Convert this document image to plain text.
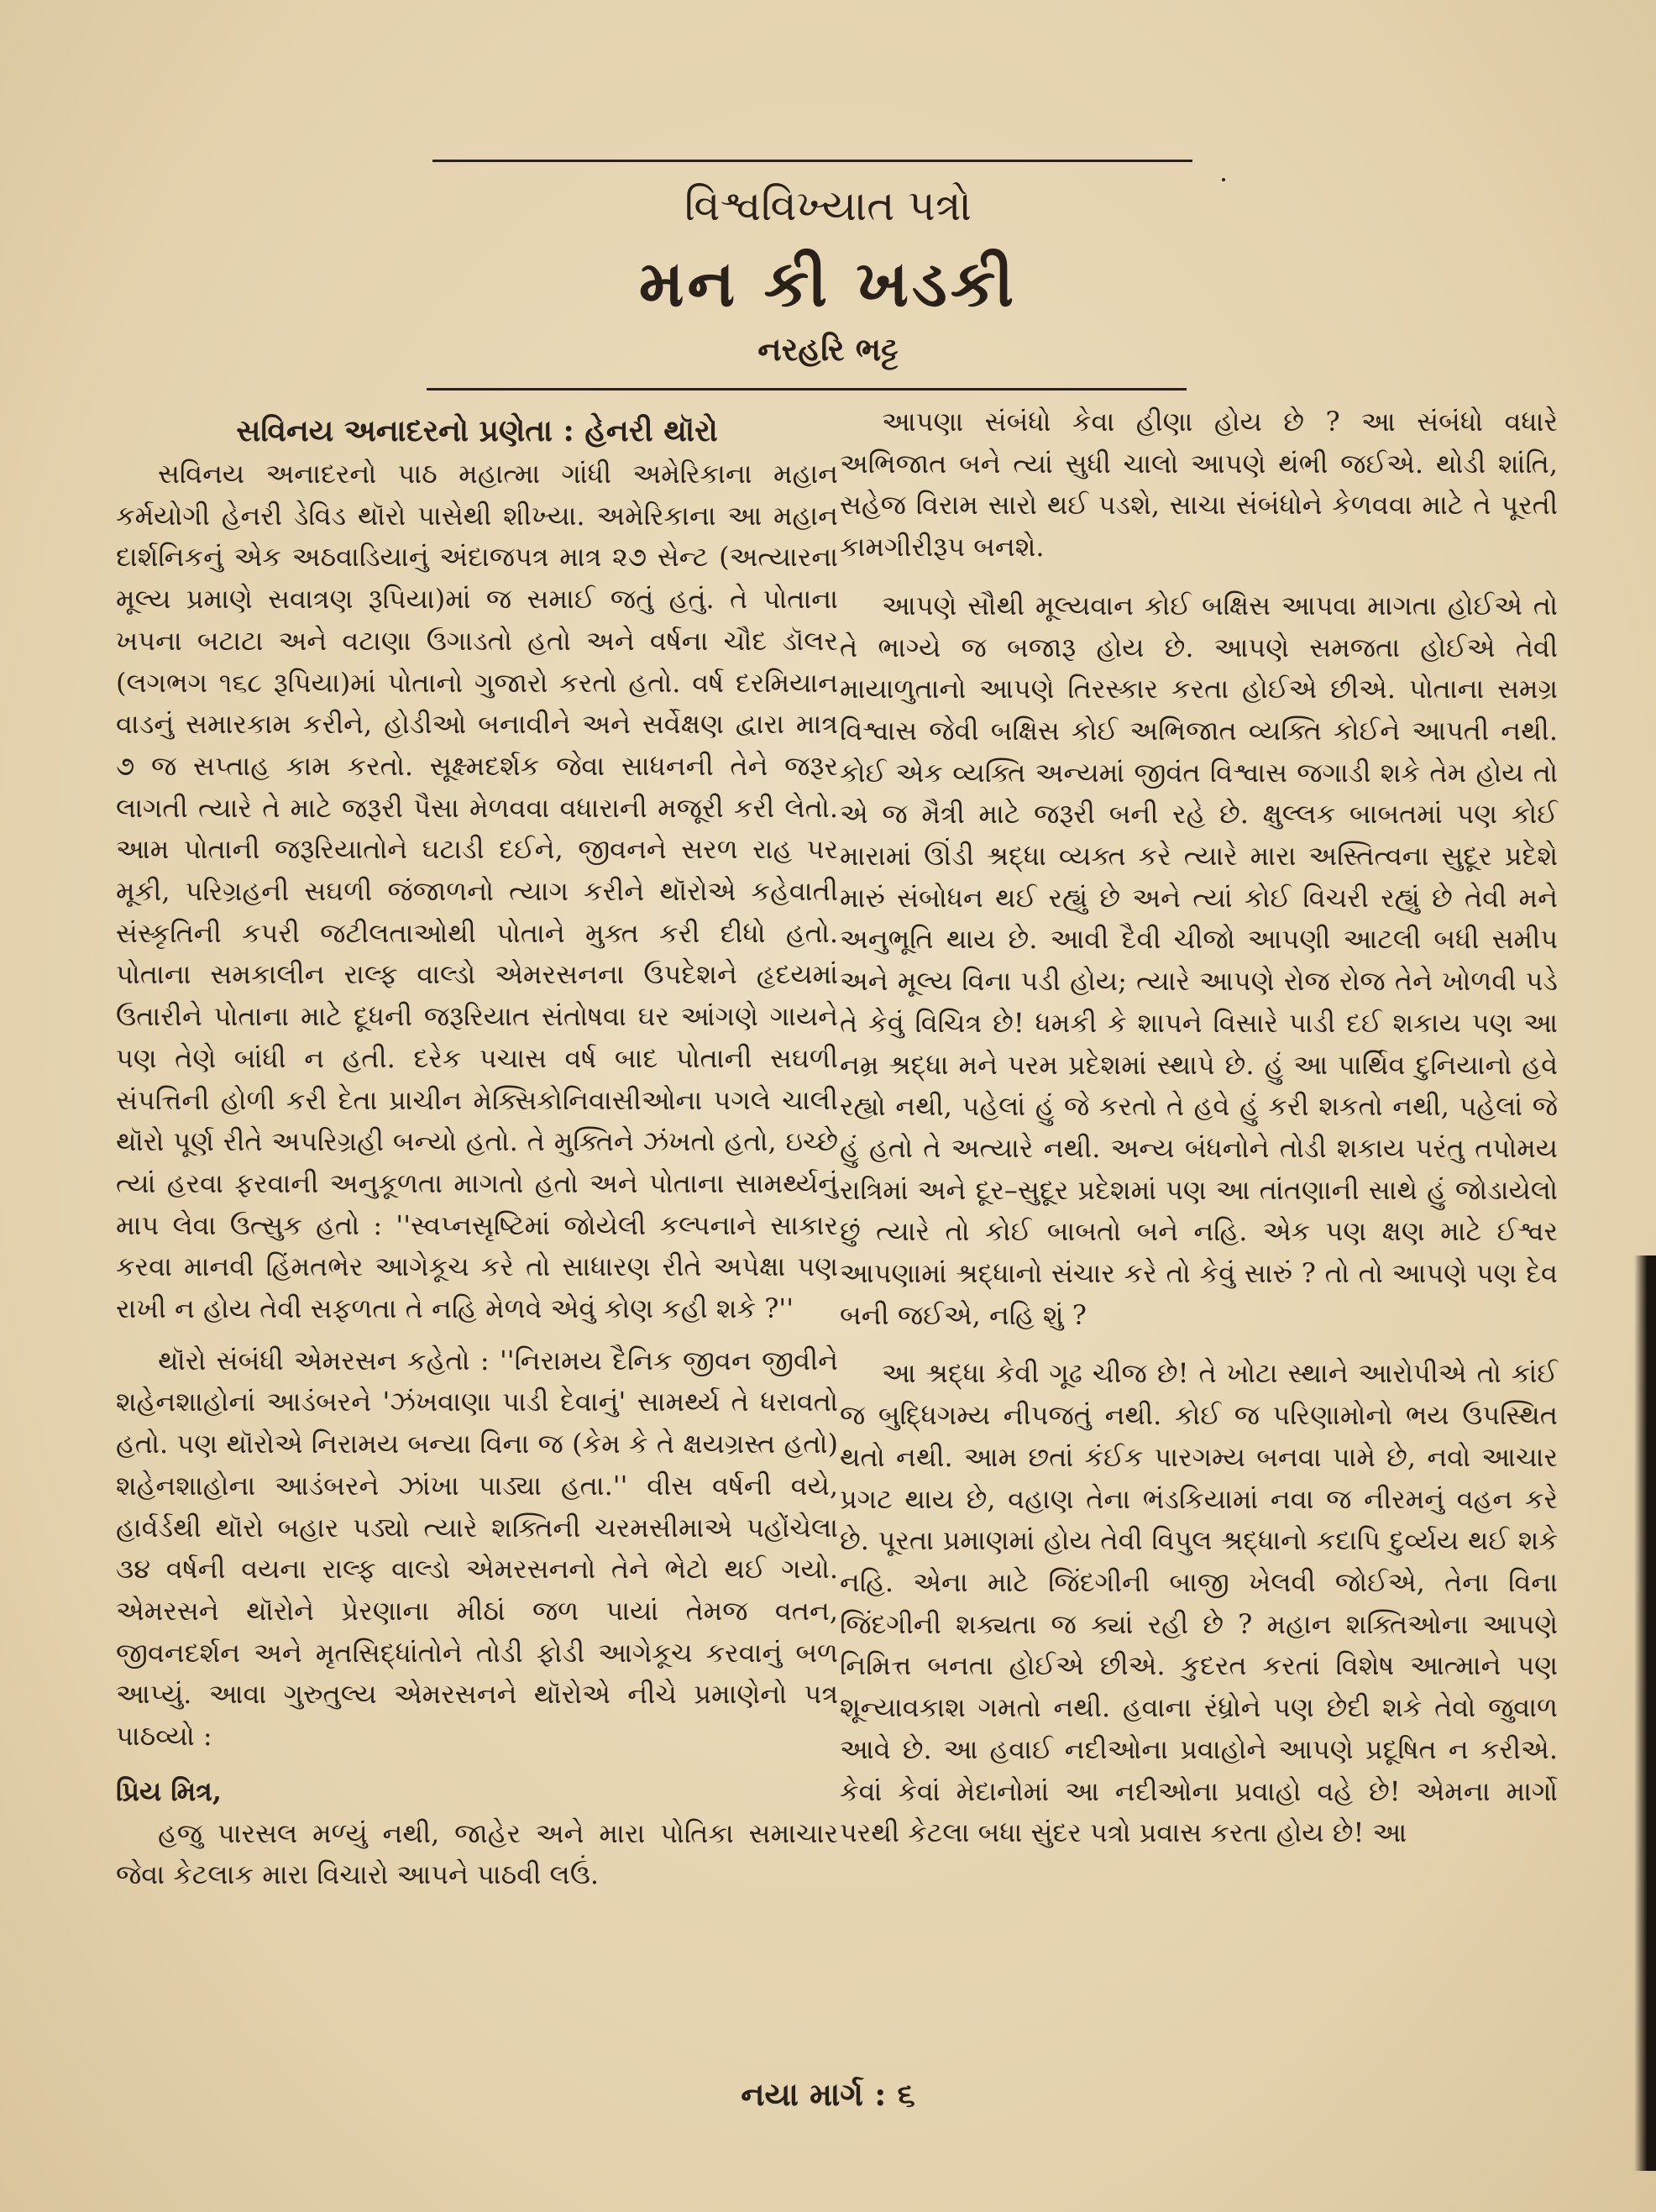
વિશ્વવિખ્યાત પત્રો
મન કી ખડકી
નરહરિ ભટ્ટ
સવિનય અનાદરનો પ્રણેતા : હેનરી થૉરો

સવિનય અનાદરનો પાઠ મહાત્મા ગાંધી અમેરિકાના મહાન કર્મયોગી હેનરી ડેવિડ થૉરો પાસેથી શીખ્યા. અમેરિકાના આ મહાન દાર્શનિકનું એક અઠવાડિયાનું અંદાજપત્ર માત્ર ૨૭ સેન્ટ (અત્યારના મૂલ્ય પ્રમાણે સવાત્રણ રૂપિયા)માં જ સમાઈ જતું હતું. તે પોતાના ખપના બટાટા અને વટાણા ઉગાડતો હતો અને વર્ષના ચૌદ ડૉલર (લગભગ ૧૬૮ રૂપિયા)માં પોતાનો ગુજારો કરતો હતો. વર્ષ દરમિયાન વાડનું સમારકામ કરીને, હોડીઓ બનાવીને અને સર્વેક્ષણ દ્વારા માત્ર ૭ જ સપ્તાહ કામ કરતો. સૂક્ષ્મદર્શક જેવા સાધનની તેને જરૂર લાગતી ત્યારે તે માટે જરૂરી પૈસા મેળવવા વધારાની મજૂરી કરી લેતો. આમ પોતાની જરૂરિયાતોને ઘટાડી દઈને, જીવનને સરળ રાહ પર મૂકી, પરિગ્રહની સઘળી જંજાળનો ત્યાગ કરીને થૉરોએ કહેવાતી સંસ્કૃતિની કપરી જટીલતાઓથી પોતાને મુક્ત કરી દીધો હતો. પોતાના સમકાલીન રાલ્ફ વાલ્ડો એમરસનના ઉપદેશને હૃદયમાં ઉતારીને પોતાના માટે દૂધની જરૂરિયાત સંતોષવા ઘર આંગણે ગાયને પણ તેણે બાંધી ન હતી. દરેક પચાસ વર્ષ બાદ પોતાની સઘળી સંપત્તિની હોળી કરી દેતા પ્રાચીન મેક્સિકોનિવાસીઓના પગલે ચાલી થૉરો પૂર્ણ રીતે અપરિગ્રહી બન્યો હતો. તે મુક્તિને ઝંખતો હતો, ઇચ્છે ત્યાં હરવા ફરવાની અનુકૂળતા માગતો હતો અને પોતાના સામર્થ્યનું માપ લેવા ઉત્સુક હતો : ''સ્વપ્નસૃષ્ટિમાં જોયેલી કલ્પનાને સાકાર કરવા માનવી હિંમતભેર આગેકૂચ કરે તો સાધારણ રીતે અપેક્ષા પણ રાખી ન હોય તેવી સફળતા તે નહિ મેળવે એવું કોણ કહી શકે ?''

થૉરો સંબંધી એમરસન કહેતો : ''નિરામય દૈનિક જીવન જીવીને શહેનશાહોનાં આડંબરને 'ઝંખવાણા પાડી દેવાનું' સામર્થ્ય તે ધરાવતો હતો. પણ થૉરોએ નિરામય બન્યા વિના જ (કેમ કે તે ક્ષયગ્રસ્ત હતો) શહેનશાહોના આડંબરને ઝાંખા પાડ્યા હતા.'' વીસ વર્ષની વયે, હાર્વર્ડથી થૉરો બહાર પડ્યો ત્યારે શક્તિની ચરમસીમાએ પહોંચેલા ૩૪ વર્ષની વયના રાલ્ફ વાલ્ડો એમરસનનો તેને ભેટો થઈ ગયો. એમરસને થૉરોને પ્રેરણાના મીઠાં જળ પાયાં તેમજ વતન, જીવનદર્શન અને મૃતસિદ્ધાંતોને તોડી ફોડી આગેકૂચ કરવાનું બળ આપ્યું. આવા ગુરુતુલ્ય એમરસનને થૉરોએ નીચે પ્રમાણેનો પત્ર પાઠવ્યો :

પ્રિય મિત્ર,

હજુ પારસલ મળ્યું નથી, જાહેર અને મારા પોતિકા સમાચાર જેવા કેટલાક મારા વિચારો આપને પાઠવી લઉં.

આપણા સંબંધો કેવા હીણા હોય છે ? આ સંબંધો વધારે અભિજાત બને ત્યાં સુધી ચાલો આપણે થંભી જઈએ. થોડી શાંતિ, સહેજ વિરામ સારો થઈ પડશે, સાચા સંબંધોને કેળવવા માટે તે પૂરતી કામગીરીરૂપ બનશે.

આપણે સૌથી મૂલ્યવાન કોઈ બક્ષિસ આપવા માગતા હોઈએ તો તે ભાગ્યે જ બજારૂ હોય છે. આપણે સમજતા હોઈએ તેવી માયાળુતાનો આપણે તિરસ્કાર કરતા હોઈએ છીએ. પોતાના સમગ્ર વિશ્વાસ જેવી બક્ષિસ કોઈ અભિજાત વ્યક્તિ કોઈને આપતી નથી. કોઈ એક વ્યક્તિ અન્યમાં જીવંત વિશ્વાસ જગાડી શકે તેમ હોય તો એ જ મૈત્રી માટે જરૂરી બની રહે છે. ક્ષુલ્લક બાબતમાં પણ કોઈ મારામાં ઊંડી શ્રદ્ધા વ્યક્ત કરે ત્યારે મારા અસ્તિત્વના સુદૂર પ્રદેશે મારું સંબોધન થઈ રહ્યું છે અને ત્યાં કોઈ વિચરી રહ્યું છે તેવી મને અનુભૂતિ થાય છે. આવી દૈવી ચીજો આપણી આટલી બધી સમીપ અને મૂલ્ય વિના પડી હોય; ત્યારે આપણે રોજ રોજ તેને ખોળવી પડે તે કેવું વિચિત્ર છે! ધમકી કે શાપને વિસારે પાડી દઈ શકાય પણ આ નમ્ર શ્રદ્ધા મને પરમ પ્રદેશમાં સ્થાપે છે. હું આ પાર્થિવ દુનિયાનો હવે રહ્યો નથી, પહેલાં હું જે કરતો તે હવે હું કરી શકતો નથી, પહેલાં જે હું હતો તે અત્યારે નથી. અન્ય બંધનોને તોડી શકાય પરંતુ તપોમય રાત્રિમાં અને દૂર–સુદૂર પ્રદેશમાં પણ આ તાંતણાની સાથે હું જોડાયેલો છું ત્યારે તો કોઈ બાબતો બને નહિ. એક પણ ક્ષણ માટે ઈશ્વર આપણામાં શ્રદ્ધાનો સંચાર કરે તો કેવું સારું ? તો તો આપણે પણ દેવ બની જઈએ, નહિ શું ?

આ શ્રદ્ધા કેવી ગૂઢ ચીજ છે! તે ખોટા સ્થાને આરોપીએ તો કાંઈ જ બુદ્ધિગમ્ય નીપજતું નથી. કોઈ જ પરિણામોનો ભય ઉપસ્થિત થતો નથી. આમ છતાં કંઈક પારગમ્ય બનવા પામે છે, નવો આચાર પ્રગટ થાય છે, વહાણ તેના ભંડકિયામાં નવા જ નીરમનું વહન કરે છે. પૂરતા પ્રમાણમાં હોય તેવી વિપુલ શ્રદ્ધાનો કદાપિ દુર્વ્યય થઈ શકે નહિ. એના માટે જિંદગીની બાજી ખેલવી જોઈએ, તેના વિના જિંદગીની શક્યતા જ ક્યાં રહી છે ? મહાન શક્તિઓના આપણે નિમિત્ત બનતા હોઈએ છીએ. કુદરત કરતાં વિશેષ આત્માને પણ શૂન્યાવકાશ ગમતો નથી. હવાના રંધ્રોને પણ છેદી શકે તેવો જુવાળ આવે છે. આ હવાઈ નદીઓના પ્રવાહોને આપણે પ્રદૂષિત ન કરીએ. કેવાં કેવાં મેદાનોમાં આ નદીઓના પ્રવાહો વહે છે! એમના માર્ગો પરથી કેટલા બધા સુંદર પત્રો પ્રવાસ કરતા હોય છે! આ

નયા માર્ગ : ૬
